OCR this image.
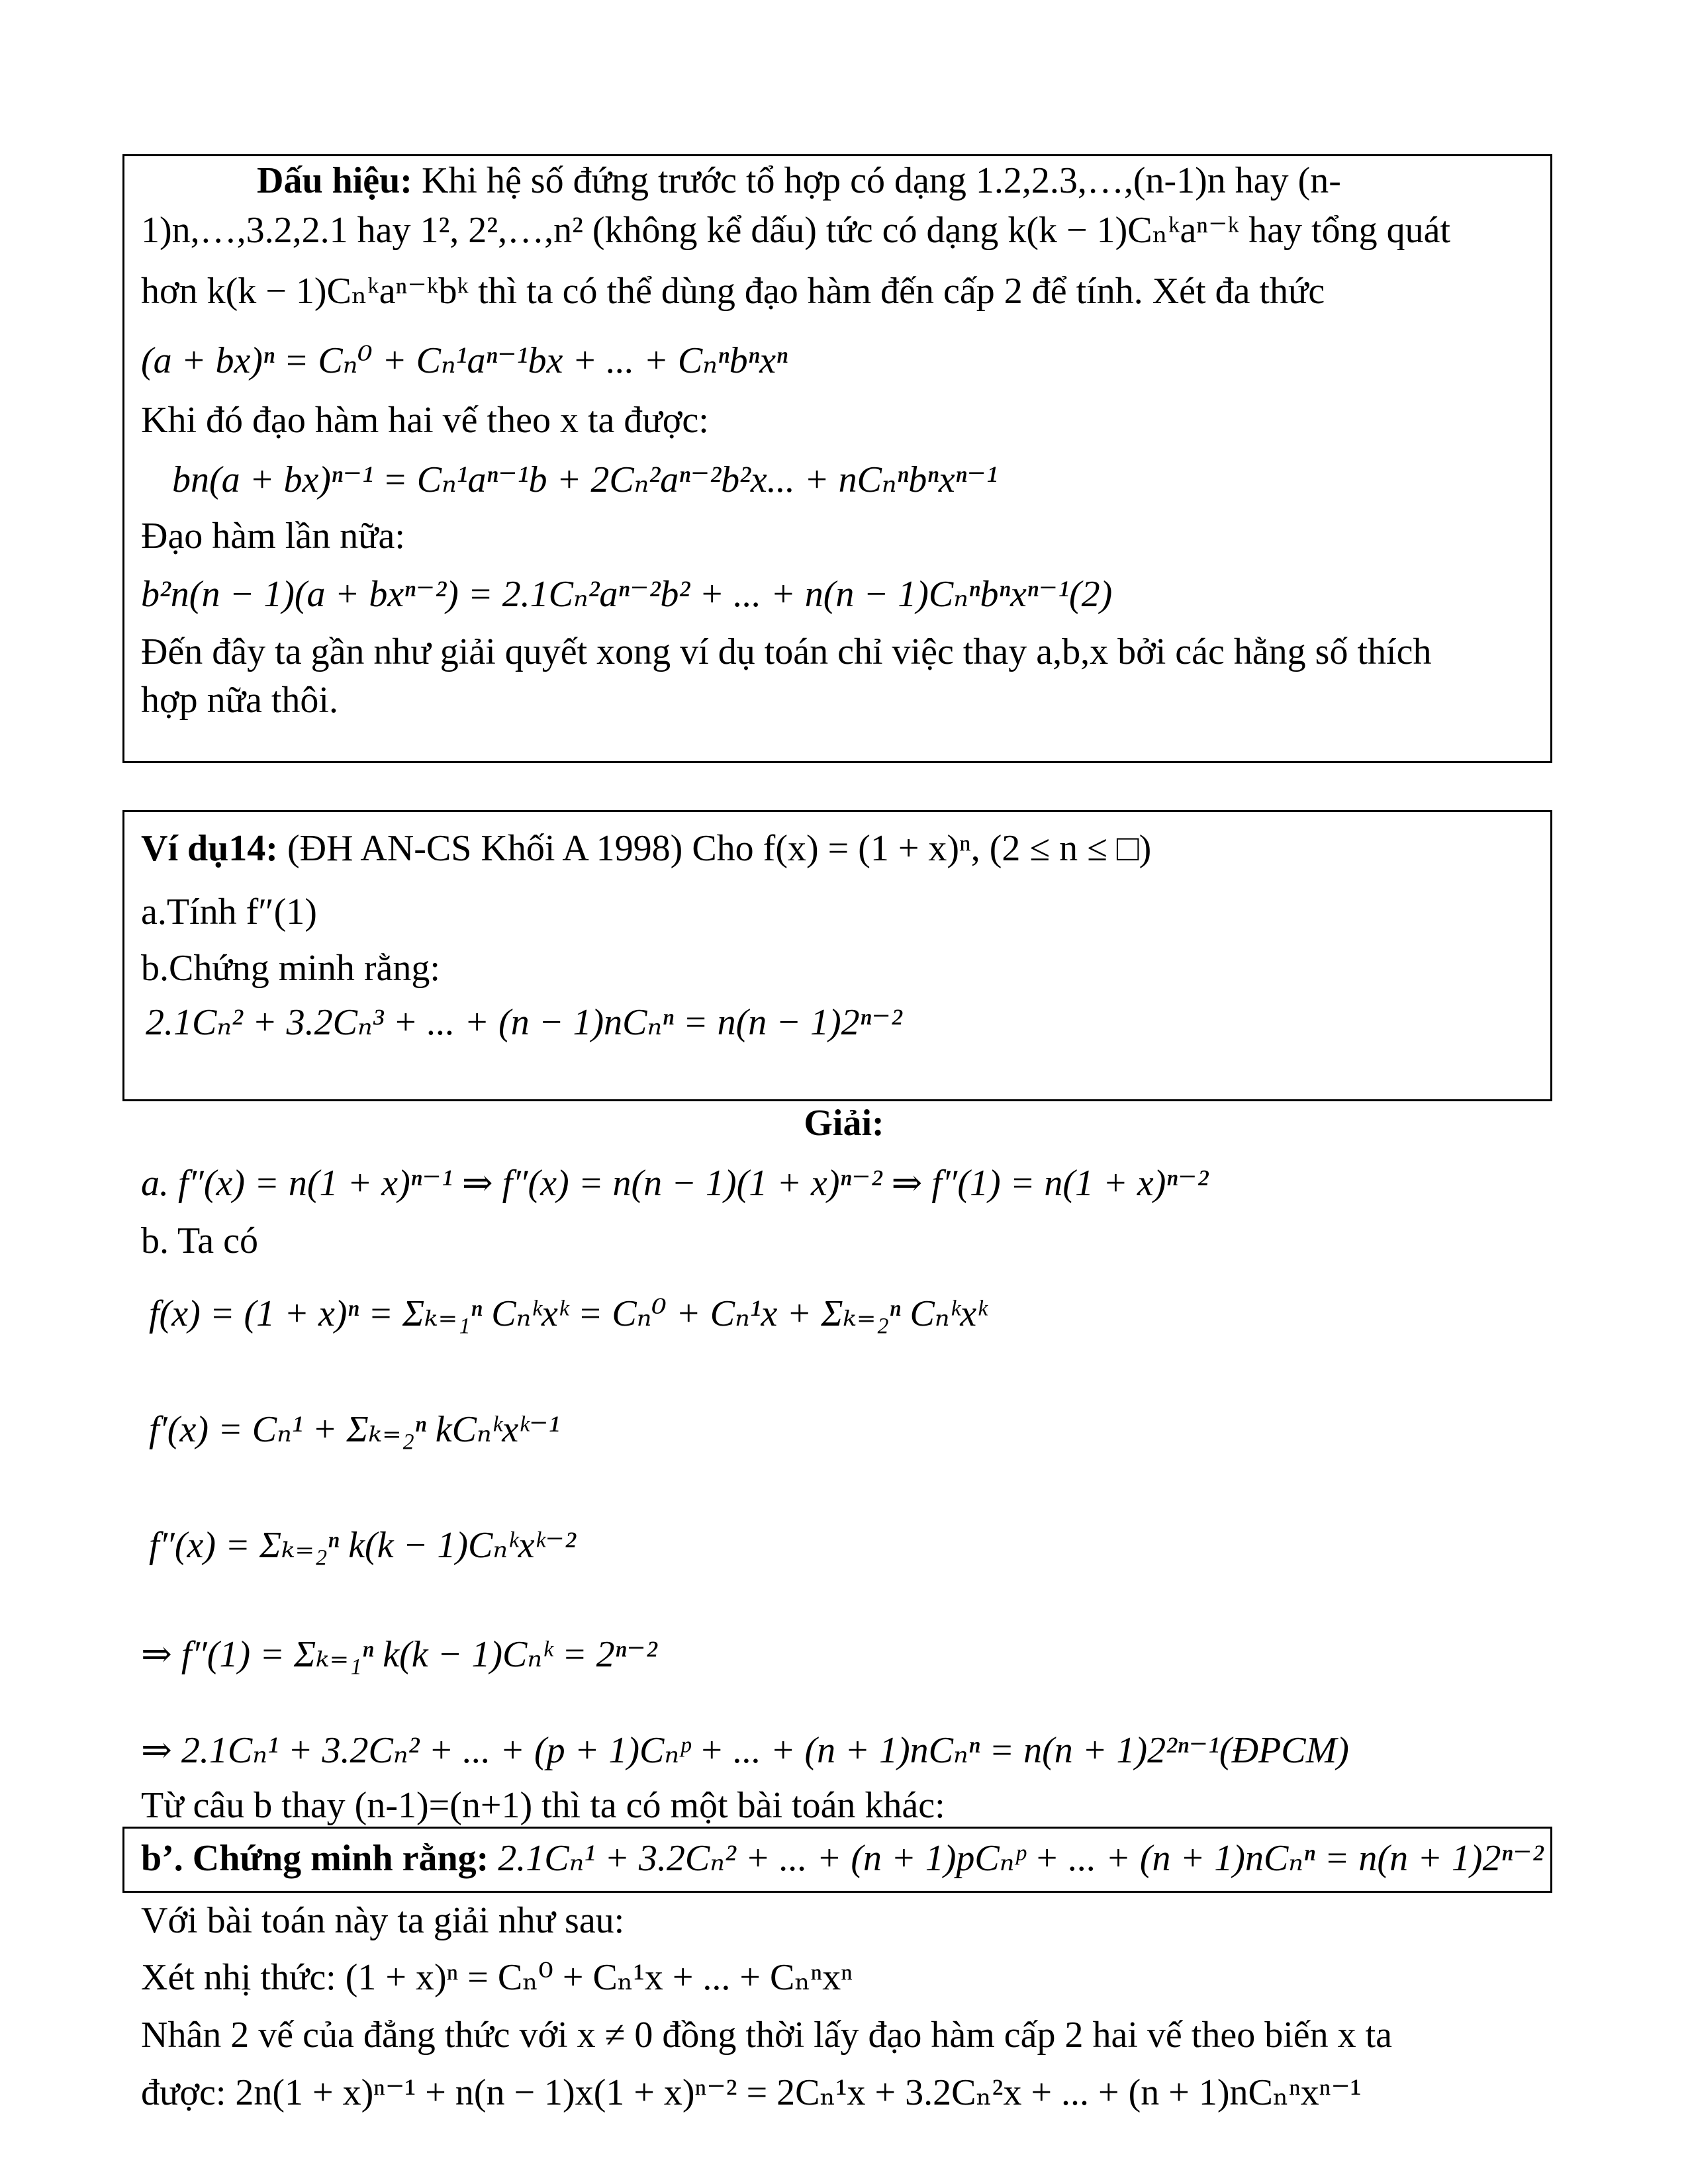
Dấu hiệu: Khi hệ số đứng trước tổ hợp có dạng 1.2,2.3,…,(n-1)n hay (n-
1)n,…,3.2,2.1 hay 1², 2²,…,n² (không kể dấu) tức có dạng k(k − 1)Cₙᵏaⁿ⁻ᵏ hay tổng quát
hơn k(k − 1)Cₙᵏaⁿ⁻ᵏbᵏ thì ta có thể dùng đạo hàm đến cấp 2 để tính. Xét đa thức
(a + bx)ⁿ = Cₙ⁰ + Cₙ¹aⁿ⁻¹bx + ... + Cₙⁿbⁿxⁿ
Khi đó đạo hàm hai vế theo x ta được:
bn(a + bx)ⁿ⁻¹ = Cₙ¹aⁿ⁻¹b + 2Cₙ²aⁿ⁻²b²x... + nCₙⁿbⁿxⁿ⁻¹
Đạo hàm lần nữa:
b²n(n − 1)(a + bxⁿ⁻²) = 2.1Cₙ²aⁿ⁻²b² + ... + n(n − 1)Cₙⁿbⁿxⁿ⁻¹(2)
Đến đây ta gần như giải quyết xong ví dụ toán chỉ việc thay a,b,x bởi các hằng số thích
hợp nữa thôi.
Ví dụ14: (ĐH AN-CS Khối A 1998) Cho f(x) = (1 + x)ⁿ, (2 ≤ n ≤ □)
a.Tính f″(1)
b.Chứng minh rằng:
2.1Cₙ² + 3.2Cₙ³ + ... + (n − 1)nCₙⁿ = n(n − 1)2ⁿ⁻²
Giải:
a. f″(x) = n(1 + x)ⁿ⁻¹ ⇒ f″(x) = n(n − 1)(1 + x)ⁿ⁻² ⇒ f″(1) = n(1 + x)ⁿ⁻²
b. Ta có
f(x) = (1 + x)ⁿ = Σₖ₌₁ⁿ Cₙᵏxᵏ = Cₙ⁰ + Cₙ¹x + Σₖ₌₂ⁿ Cₙᵏxᵏ
f′(x) = Cₙ¹ + Σₖ₌₂ⁿ kCₙᵏxᵏ⁻¹
f″(x) = Σₖ₌₂ⁿ k(k − 1)Cₙᵏxᵏ⁻²
⇒ f″(1) = Σₖ₌₁ⁿ k(k − 1)Cₙᵏ = 2ⁿ⁻²
⇒ 2.1Cₙ¹ + 3.2Cₙ² + ... + (p + 1)Cₙᵖ + ... + (n + 1)nCₙⁿ = n(n + 1)2²ⁿ⁻¹(ĐPCM)
Từ câu b thay (n-1)=(n+1) thì ta có một bài toán khác:
b’. Chứng minh rằng: 2.1Cₙ¹ + 3.2Cₙ² + ... + (n + 1)pCₙᵖ + ... + (n + 1)nCₙⁿ = n(n + 1)2ⁿ⁻²
Với bài toán này ta giải như sau:
Xét nhị thức: (1 + x)ⁿ = Cₙ⁰ + Cₙ¹x + ... + Cₙⁿxⁿ
Nhân 2 vế của đẳng thức với x ≠ 0 đồng thời lấy đạo hàm cấp 2 hai vế theo biến x ta
được: 2n(1 + x)ⁿ⁻¹ + n(n − 1)x(1 + x)ⁿ⁻² = 2Cₙ¹x + 3.2Cₙ²x + ... + (n + 1)nCₙⁿxⁿ⁻¹
